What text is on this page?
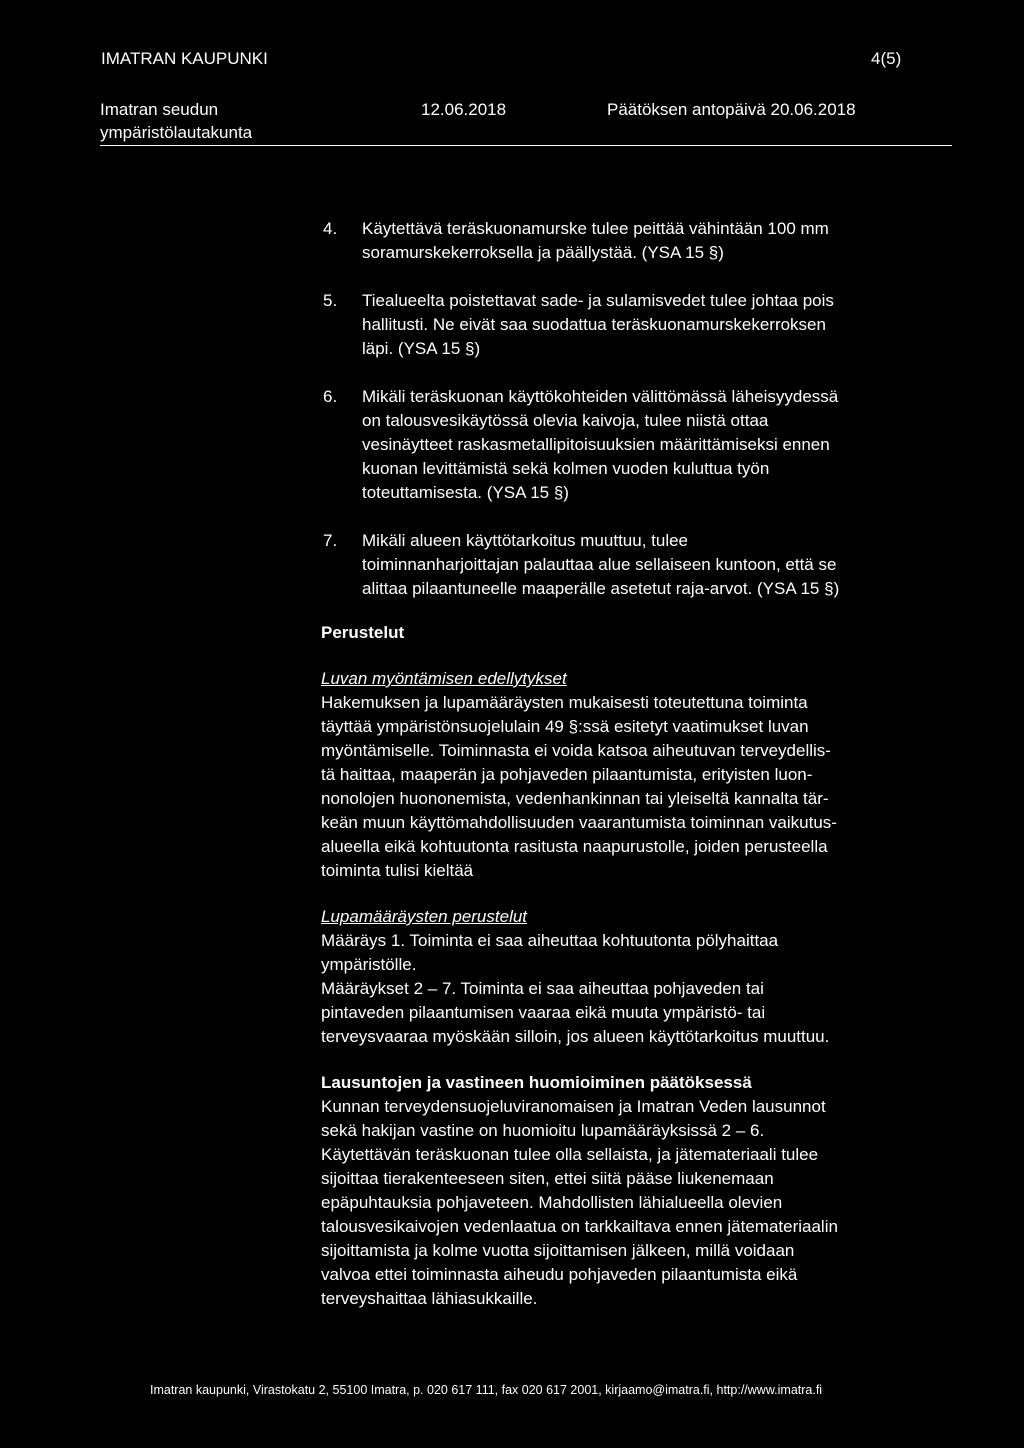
IMATRAN KAUPUNKI	4(5)
Imatran seudun
ympäristölautakunta
12.06.2018	Päätöksen antopäivä 20.06.2018
4. Käytettävä teräskuonamurske tulee peittää vähintään 100 mm
soramurskekerroksella ja päällystää. (YSA 15 §)
5. Tiealueelta poistettavat sade- ja sulamisvedet tulee johtaa pois
hallitusti. Ne eivät saa suodattua teräskuonamurskekerroksen
läpi. (YSA 15 §)
6. Mikäli teräskuonan käyttökohteiden välittömässä läheisyydessä
on talousvesikäytössä olevia kaivoja, tulee niistä ottaa
vesinäytteet raskasmetallipitoisuuksien määrittämiseksi ennen
kuonan levittämistä sekä kolmen vuoden kuluttua työn
toteuttamisesta. (YSA 15 §)
7. Mikäli alueen käyttötarkoitus muuttuu, tulee
toiminnanharjoittajan palauttaa alue sellaiseen kuntoon, että se
alittaa pilaantuneelle maaperälle asetetut raja-arvot. (YSA 15 §)
Perustelut
Luvan myöntämisen edellytykset
Hakemuksen ja lupamääräysten mukaisesti toteutettuna toiminta
täyttää ympäristönsuojelulain 49 §:ssä esitetyt vaatimukset luvan
myöntämiselle. Toiminnasta ei voida katsoa aiheutuvan terveydellis-
tä haittaa, maaperän ja pohjaveden pilaantumista, erityisten luon-
nonolojen huononemista, vedenhankinnan tai yleiseltä kannalta tär-
keän muun käyttömahdollisuuden vaarantumista toiminnan vaikutus-
alueella eikä kohtuutonta rasitusta naapurustolle, joiden perusteella
toiminta tulisi kieltää
Lupamääräysten perustelut
Määräys 1. Toiminta ei saa aiheuttaa kohtuutonta pölyhaittaa
ympäristölle.
Määräykset 2 – 7. Toiminta ei saa aiheuttaa pohjaveden tai
pintaveden pilaantumisen vaaraa eikä muuta ympäristö- tai
terveysvaaraa myöskään silloin, jos alueen käyttötarkoitus muuttuu.
Lausuntojen ja vastineen huomioiminen päätöksessä
Kunnan terveydensuojeluviranomaisen ja Imatran Veden lausunnot
sekä hakijan vastine on huomioitu lupamääräyksissä 2 – 6.
Käytettävän teräskuonan tulee olla sellaista, ja jätemateriaali tulee
sijoittaa tierakenteeseen siten, ettei siitä pääse liukenemaan
epäpuhtauksia pohjaveteen. Mahdollisten lähialueella olevien
talousvesikaivojen vedenlaatua on tarkkailtava ennen jätemateriaalin
sijoittamista ja kolme vuotta sijoittamisen jälkeen, millä voidaan
valvoa ettei toiminnasta aiheudu pohjaveden pilaantumista eikä
terveyshaittaa lähiasukkaille.
Imatran kaupunki, Virastokatu 2, 55100 Imatra, p. 020 617 111, fax 020 617 2001, kirjaamo@imatra.fi, http://www.imatra.fi
